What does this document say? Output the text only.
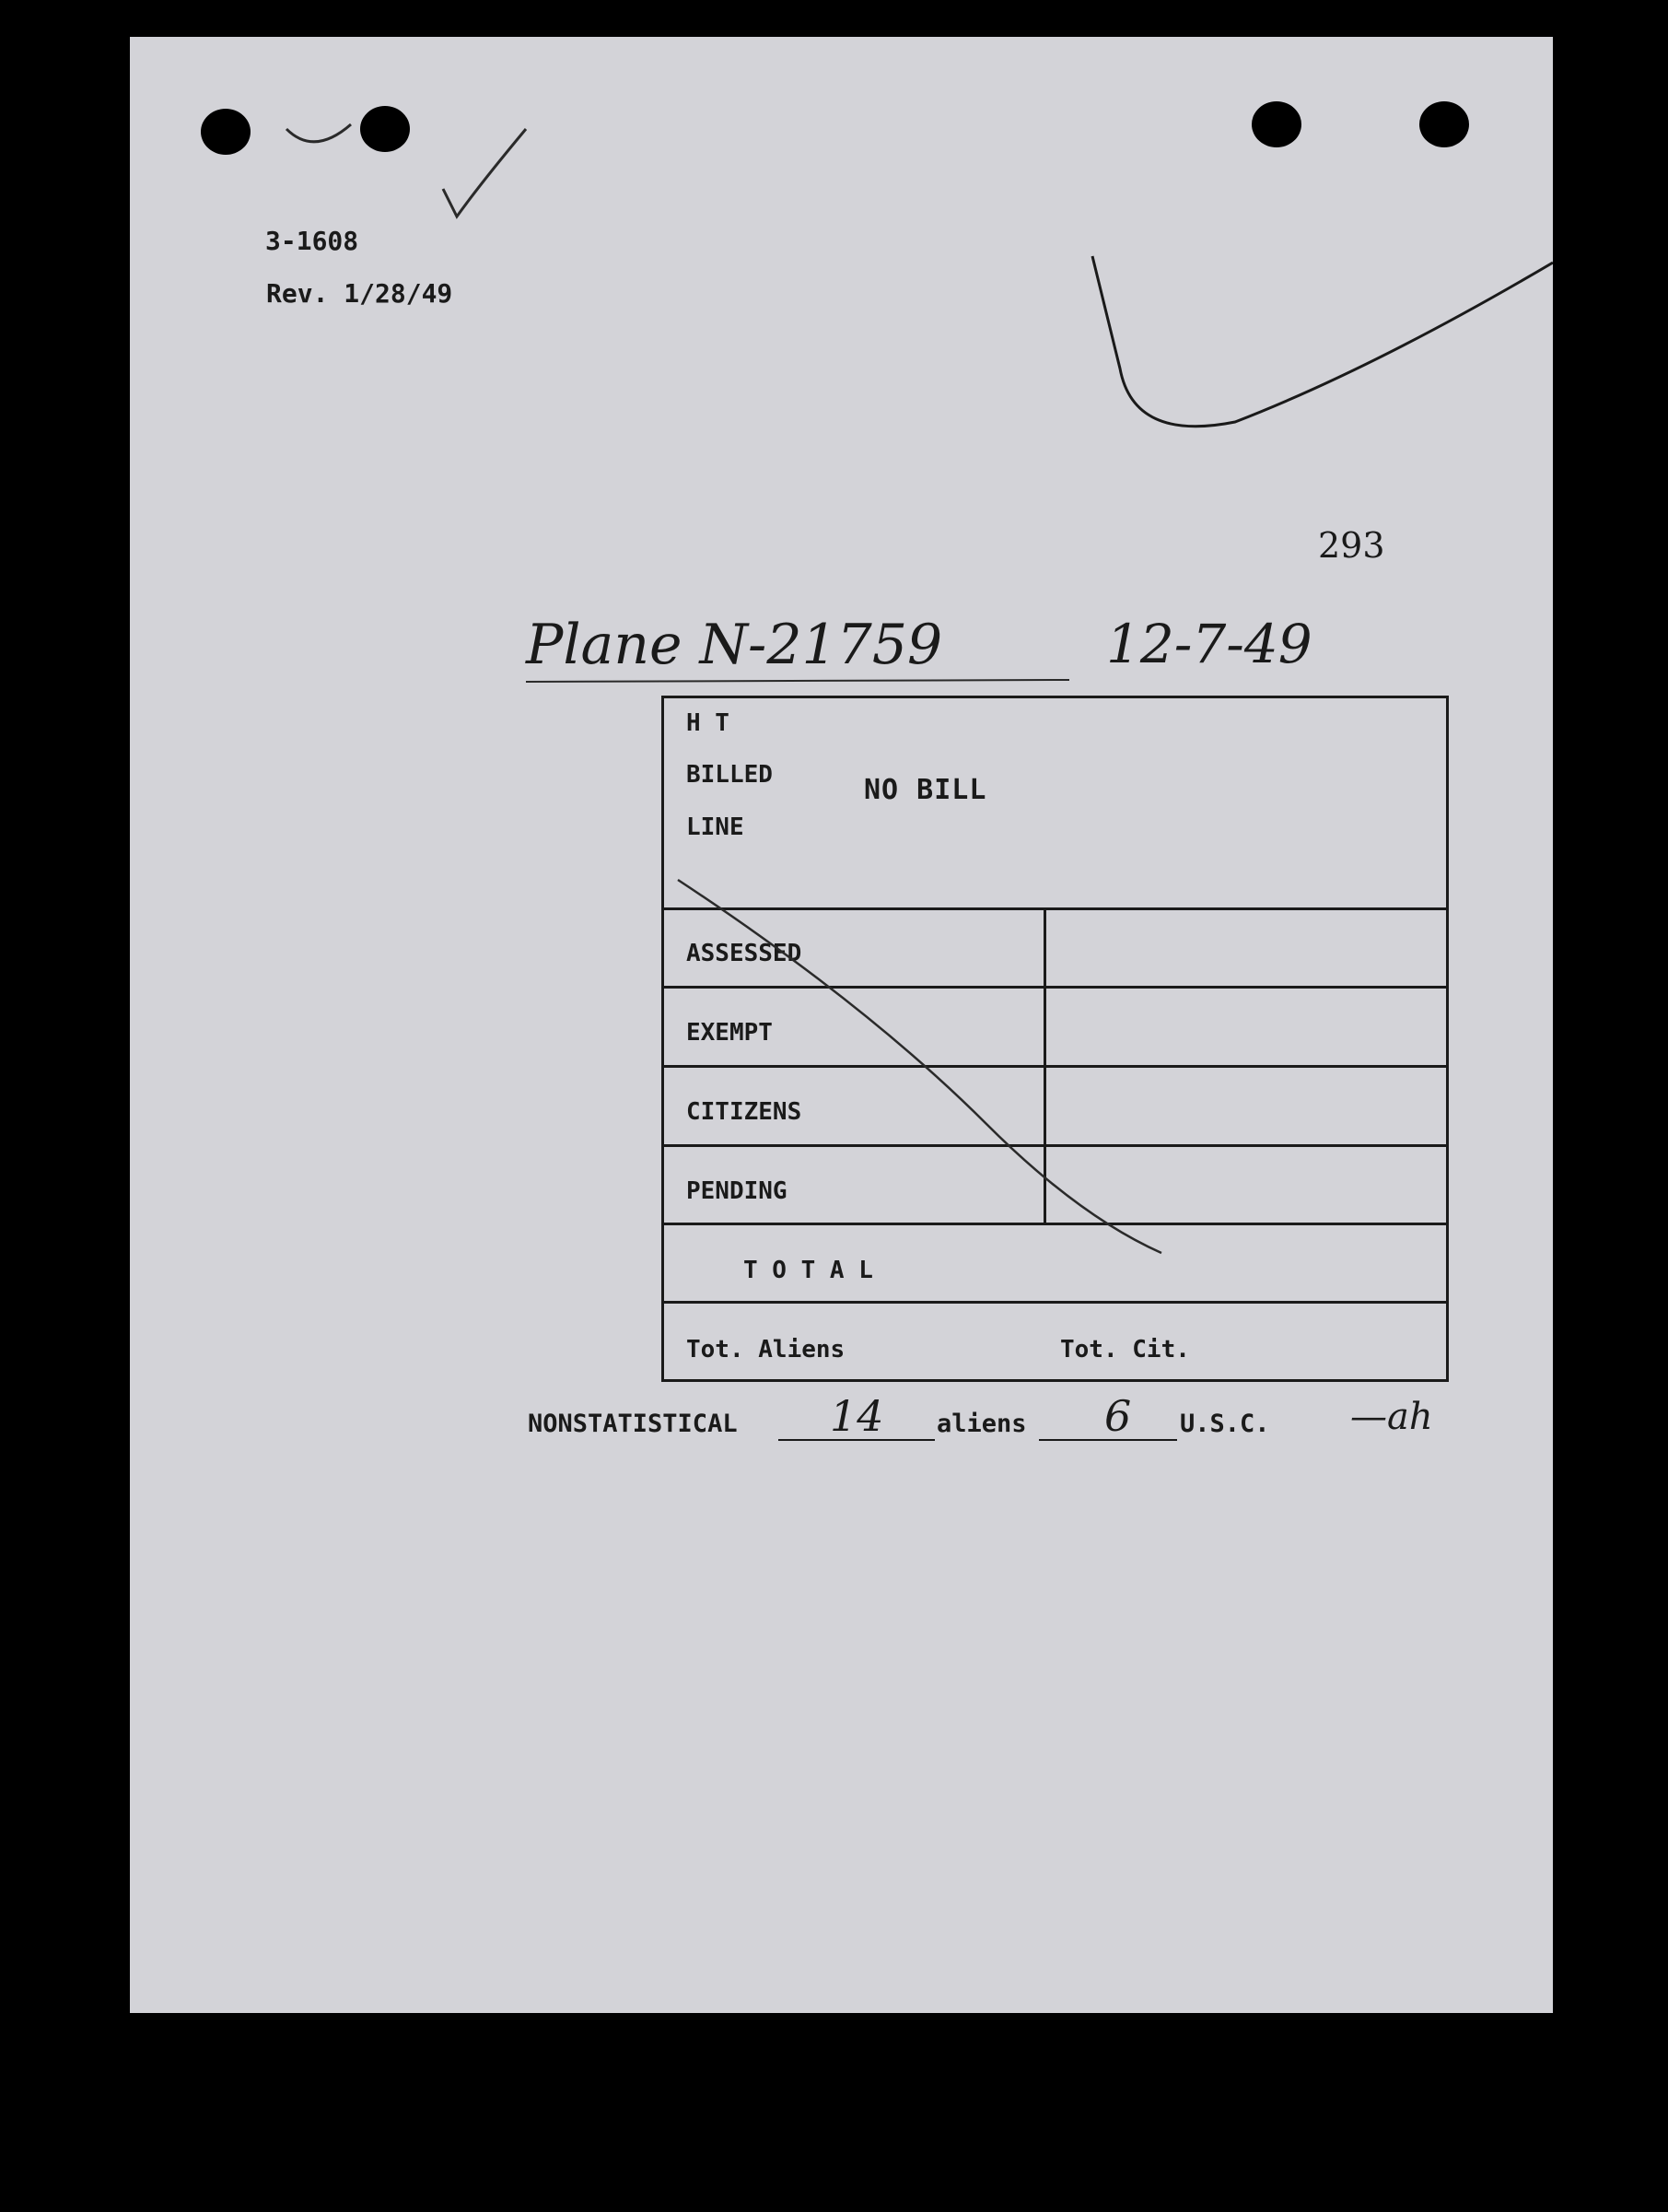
3-1608
Rev. 1/28/49
293
Plane N-21759	12-7-49
H T
BILLED
LINE
NO BILL
ASSESSED
EXEMPT
CITIZENS
PENDING
T O T A L
Tot. Aliens	Tot. Cit.
NONSTATISTICAL 14 aliens 6 U.S.C. —ah
